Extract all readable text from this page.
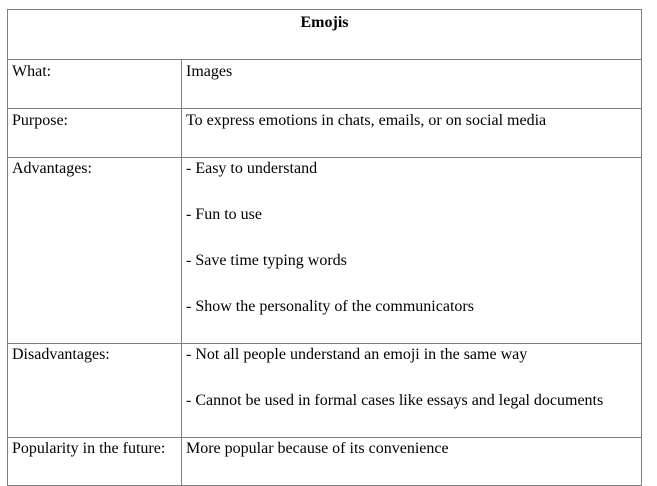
Emojis	
What:	Images
Purpose:	To express emotions in chats, emails, or on social media
Advantages:	- Easy to understand
- Fun to use
- Save time typing words
- Show the personality of the communicators

Disadvantages:	- Not all people understand an emoji in the same way
- Cannot be used in formal cases like essays and legal documents

Popularity in the future:	More popular because of its convenience
